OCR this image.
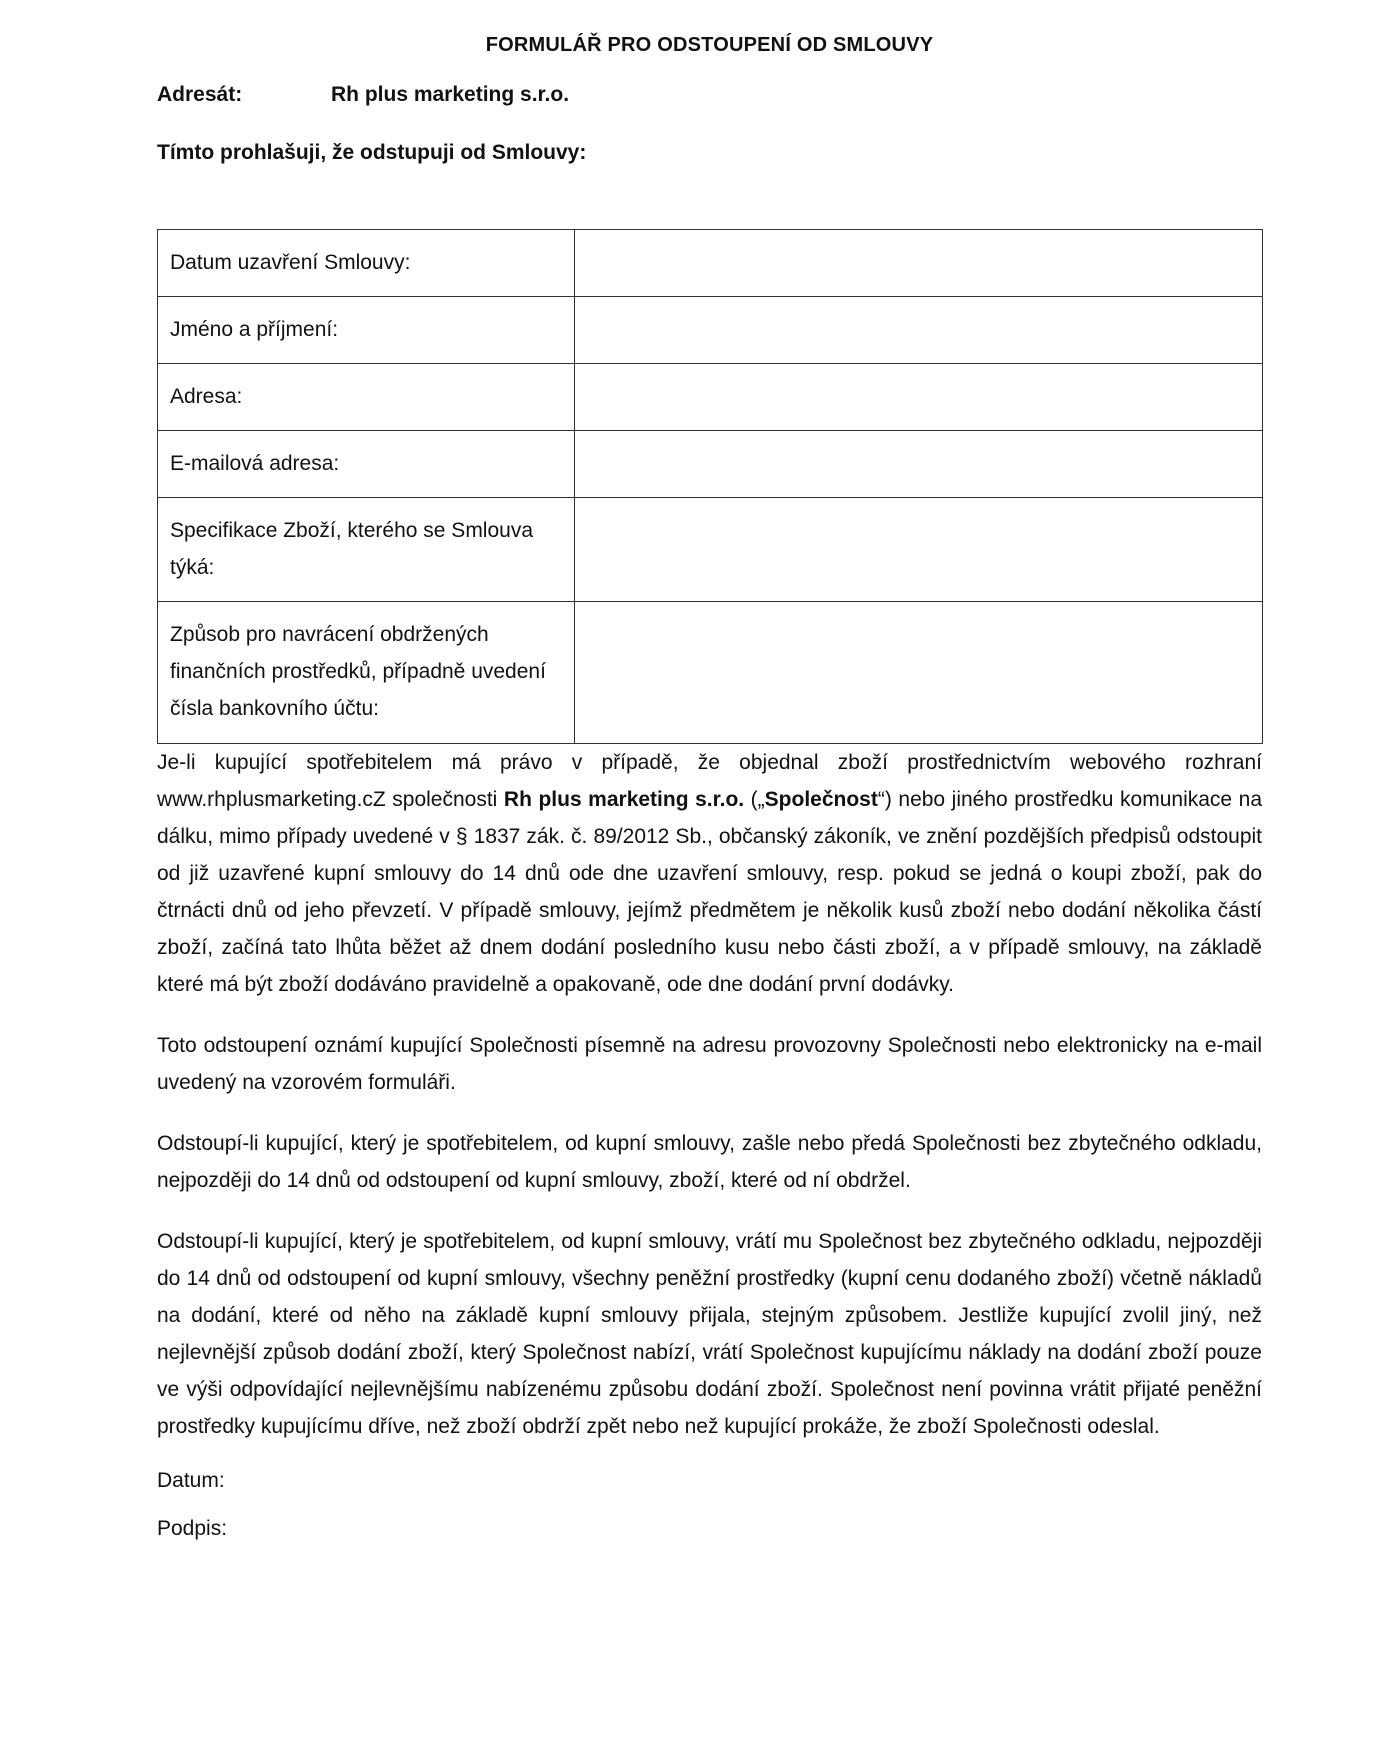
FORMULÁŘ PRO ODSTOUPENÍ OD SMLOUVY
Adresát:	Rh plus marketing s.r.o.
Tímto prohlašuji, že odstupuji od Smlouvy:
Datum uzavření Smlouvy:	

Jméno a příjmení:	

Adresa:	

E-mailová adresa:	

Specifikace Zboží, kterého se Smlouva týká:	

Způsob pro navrácení obdržených finančních prostředků, případně uvedení čísla bankovního účtu:	

Je-li kupující spotřebitelem má právo v případě, že objednal zboží prostřednictvím webového rozhraní www.rhplusmarketing.cZ společnosti Rh plus marketing s.r.o. („Společnost“) nebo jiného prostředku komunikace na dálku, mimo případy uvedené v § 1837 zák. č. 89/2012 Sb., občanský zákoník, ve znění pozdějších předpisů odstoupit od již uzavřené kupní smlouvy do 14 dnů ode dne uzavření smlouvy, resp. pokud se jedná o koupi zboží, pak do čtrnácti dnů od jeho převzetí. V případě smlouvy, jejímž předmětem je několik kusů zboží nebo dodání několika částí zboží, začíná tato lhůta běžet až dnem dodání posledního kusu nebo části zboží, a v případě smlouvy, na základě které má být zboží dodáváno pravidelně a opakovaně, ode dne dodání první dodávky.

Toto odstoupení oznámí kupující Společnosti písemně na adresu provozovny Společnosti nebo elektronicky na e-mail uvedený na vzorovém formuláři.

Odstoupí-li kupující, který je spotřebitelem, od kupní smlouvy, zašle nebo předá Společnosti bez zbytečného odkladu, nejpozději do 14 dnů od odstoupení od kupní smlouvy, zboží, které od ní obdržel.

Odstoupí-li kupující, který je spotřebitelem, od kupní smlouvy, vrátí mu Společnost bez zbytečného odkladu, nejpozději do 14 dnů od odstoupení od kupní smlouvy, všechny peněžní prostředky (kupní cenu dodaného zboží) včetně nákladů na dodání, které od něho na základě kupní smlouvy přijala, stejným způsobem. Jestliže kupující zvolil jiný, než nejlevnější způsob dodání zboží, který Společnost nabízí, vrátí Společnost kupujícímu náklady na dodání zboží pouze ve výši odpovídající nejlevnějšímu nabízenému způsobu dodání zboží. Společnost není povinna vrátit přijaté peněžní prostředky kupujícímu dříve, než zboží obdrží zpět nebo než kupující prokáže, že zboží Společnosti odeslal.

Datum:
Podpis:
